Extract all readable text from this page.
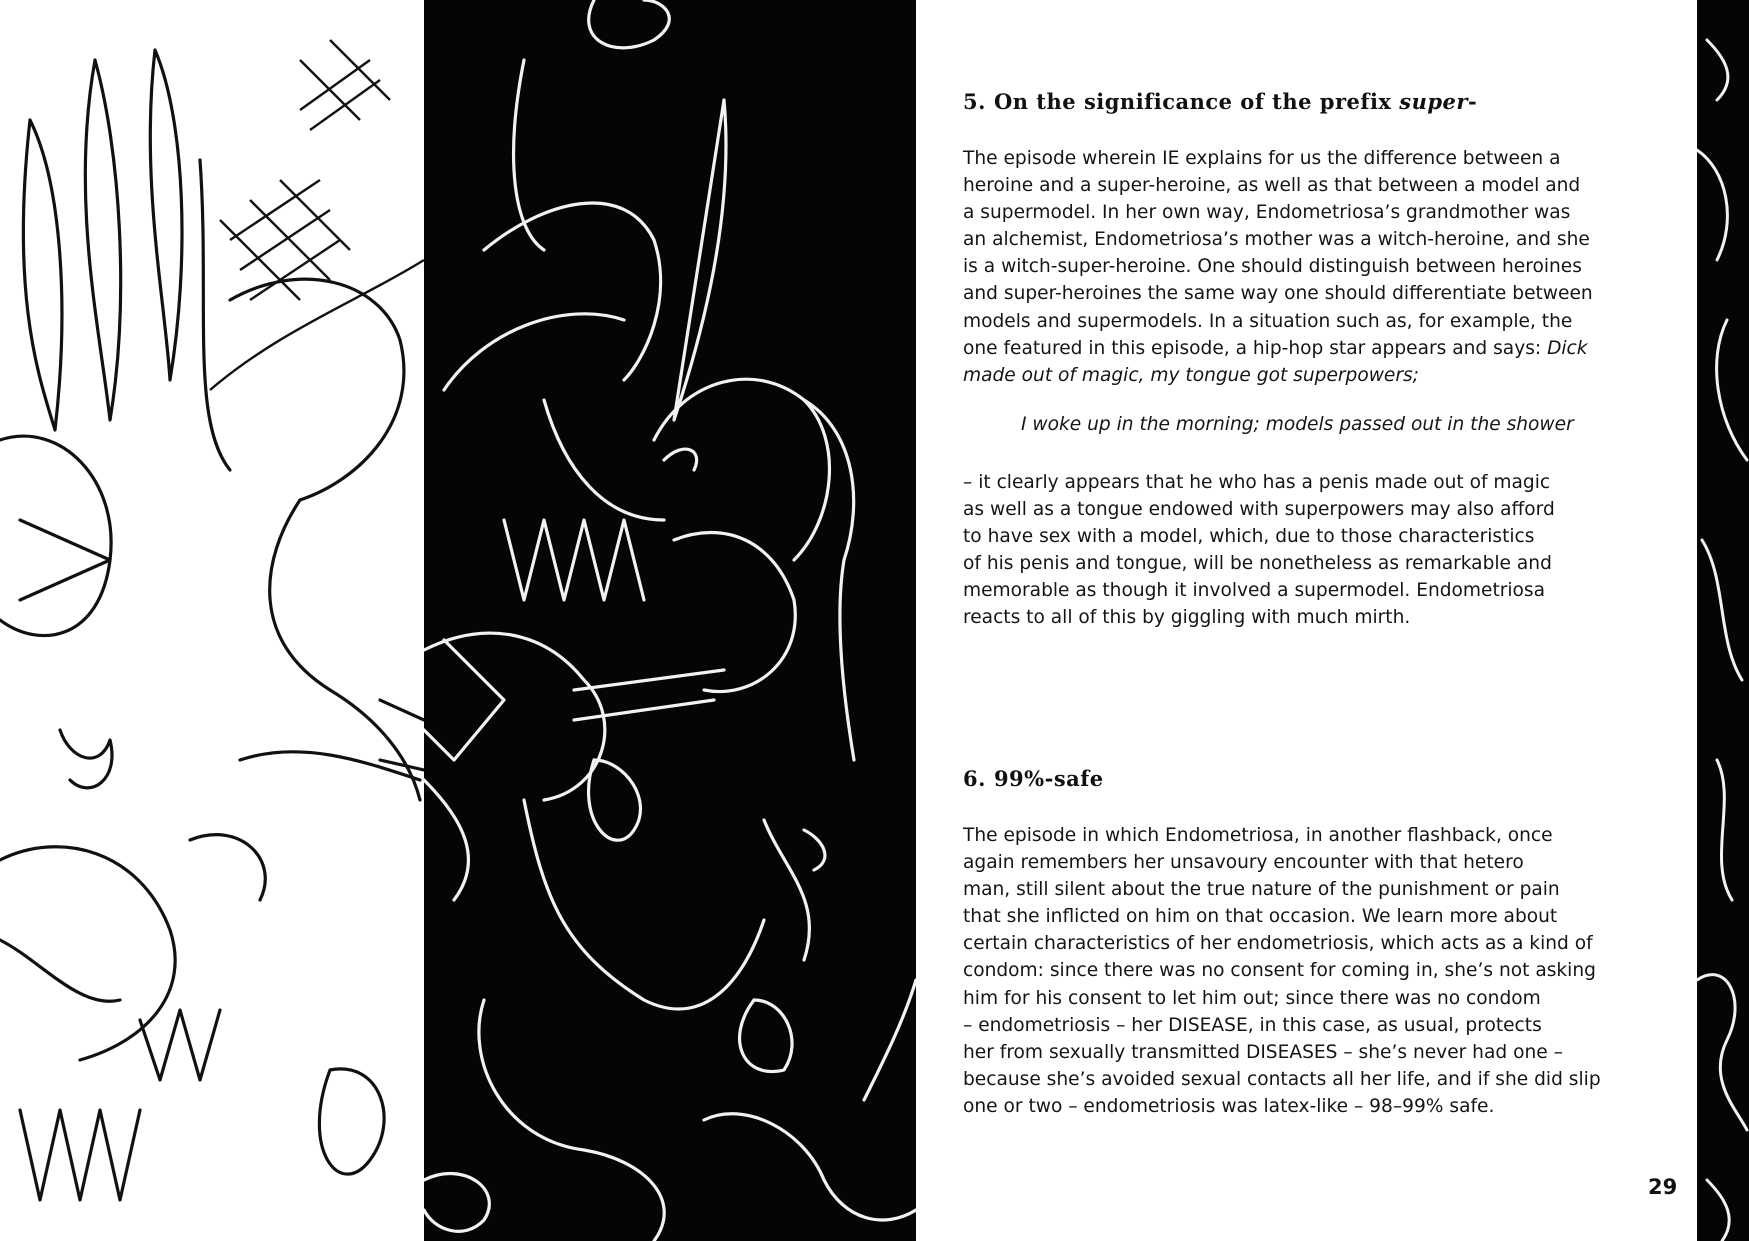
5. On the significance of the prefix super-

The episode wherein IE explains for us the difference between a
heroine and a super-heroine, as well as that between a model and
a supermodel. In her own way, Endometriosa’s grandmother was
an alchemist, Endometriosa’s mother was a witch-heroine, and she
is a witch-super-heroine. One should distinguish between heroines
and super-heroines the same way one should differentiate between
models and supermodels. In a situation such as, for example, the
one featured in this episode, a hip-hop star appears and says: Dick
made out of magic, my tongue got superpowers;

I woke up in the morning; models passed out in the shower

– it clearly appears that he who has a penis made out of magic
as well as a tongue endowed with superpowers may also afford
to have sex with a model, which, due to those characteristics
of his penis and tongue, will be nonetheless as remarkable and
memorable as though it involved a supermodel. Endometriosa
reacts to all of this by giggling with much mirth.

6. 99%-safe

The episode in which Endometriosa, in another flashback, once
again remembers her unsavoury encounter with that hetero
man, still silent about the true nature of the punishment or pain
that she inflicted on him on that occasion. We learn more about
certain characteristics of her endometriosis, which acts as a kind of
condom: since there was no consent for coming in, she’s not asking
him for his consent to let him out; since there was no condom
– endometriosis – her DISEASE, in this case, as usual, protects
her from sexually transmitted DISEASES – she’s never had one –
because she’s avoided sexual contacts all her life, and if she did slip
one or two – endometriosis was latex-like – 98–99% safe.

29
